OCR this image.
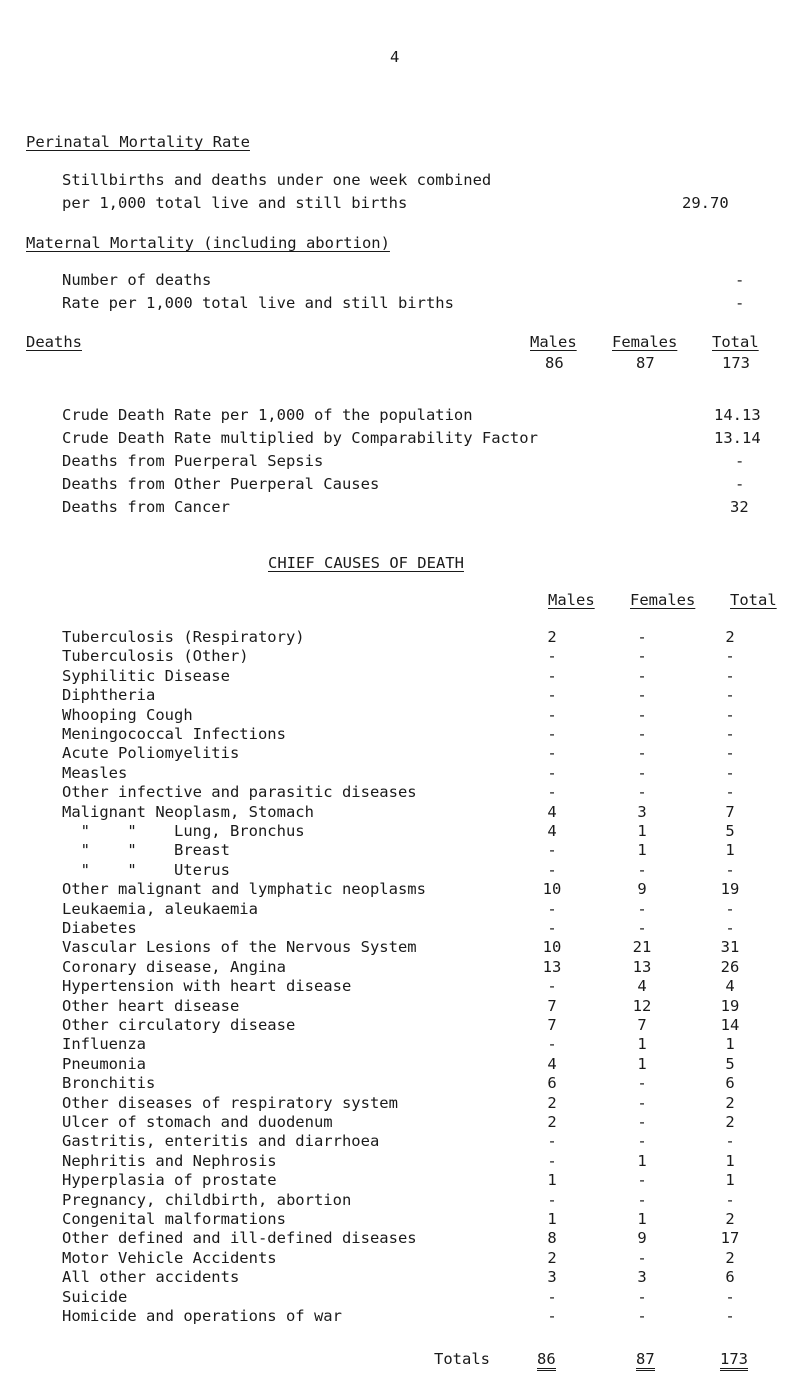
4
Perinatal Mortality Rate
Stillbirths and deaths under one week combined
per 1,000 total live and still births	29.70
Maternal Mortality (including abortion)
Number of deaths	-
Rate per 1,000 total live and still births	-
Deaths	Males Females Total
86	87	173
Crude Death Rate per 1,000 of the population	14.13
Crude Death Rate multiplied by Comparability Factor	13.14
Deaths from Puerperal Sepsis	-
Deaths from Other Puerperal Causes	-
Deaths from Cancer	32
CHIEF CAUSES OF DEATH
Males Females Total
Tuberculosis (Respiratory)	2	-	2
Tuberculosis (Other)	-	-	-
Syphilitic Disease	-	-	-
Diphtheria	-	-	-
Whooping Cough	-	-	-
Meningococcal Infections	-	-	-
Acute Poliomyelitis	-	-	-
Measles	-	-	-
Other infective and parasitic diseases	-	-	-
Malignant Neoplasm, Stomach	4	3	7
"    "    Lung, Bronchus	4	1	5
"    "    Breast	-	1	1
"    "    Uterus	-	-	-
Other malignant and lymphatic neoplasms	10	9	19
Leukaemia, aleukaemia	-	-	-
Diabetes	-	-	-
Vascular Lesions of the Nervous System	10	21	31
Coronary disease, Angina	13	13	26
Hypertension with heart disease	-	4	4
Other heart disease	7	12	19
Other circulatory disease	7	7	14
Influenza	-	1	1
Pneumonia	4	1	5
Bronchitis	6	-	6
Other diseases of respiratory system	2	-	2
Ulcer of stomach and duodenum	2	-	2
Gastritis, enteritis and diarrhoea	-	-	-
Nephritis and Nephrosis	-	1	1
Hyperplasia of prostate	1	-	1
Pregnancy, childbirth, abortion	-	-	-
Congenital malformations	1	1	2
Other defined and ill-defined diseases	8	9	17
Motor Vehicle Accidents	2	-	2
All other accidents	3	3	6
Suicide	-	-	-
Homicide and operations of war	-	-	-
Totals	86	87	173
